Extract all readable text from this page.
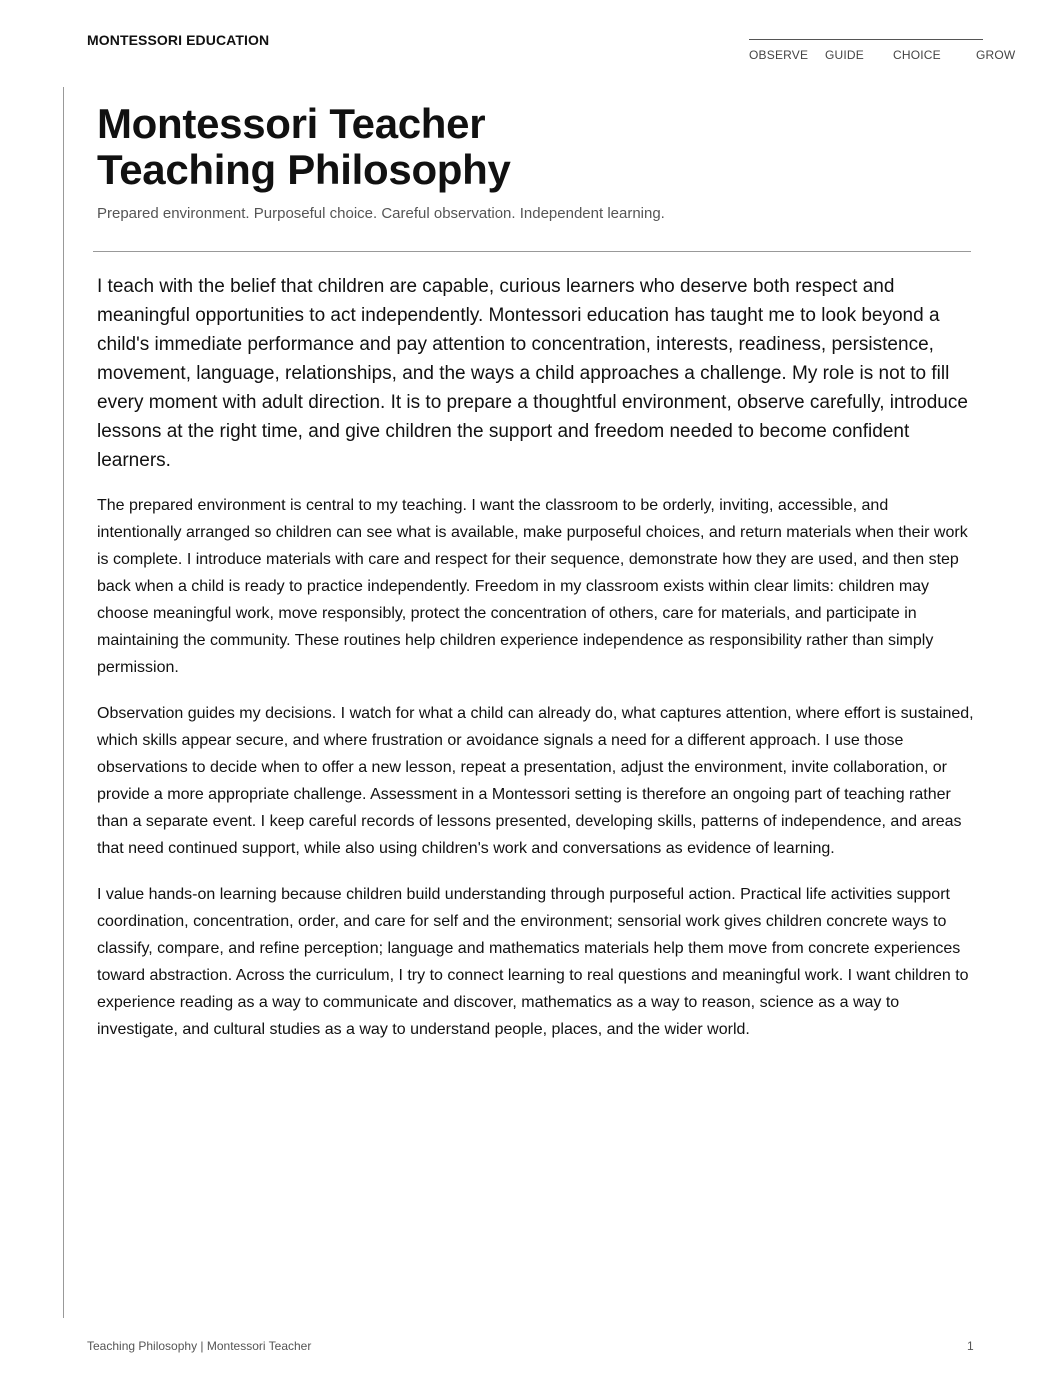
MONTESSORI EDUCATION
OBSERVE GUIDE CHOICE	GROW
Montessori Teacher
Teaching Philosophy
Prepared environment. Purposeful choice. Careful observation. Independent learning.

I teach with the belief that children are capable, curious learners who deserve both respect and meaningful opportunities to act independently. Montessori education has taught me to look beyond a child's immediate performance and pay attention to concentration, interests, readiness, persistence, movement, language, relationships, and the ways a child approaches a challenge. My role is not to fill every moment with adult direction. It is to prepare a thoughtful environment, observe carefully, introduce lessons at the right time, and give children the support and freedom needed to become confident learners.

The prepared environment is central to my teaching. I want the classroom to be orderly, inviting, accessible, and intentionally arranged so children can see what is available, make purposeful choices, and return materials when their work is complete. I introduce materials with care and respect for their sequence, demonstrate how they are used, and then step back when a child is ready to practice independently. Freedom in my classroom exists within clear limits: children may choose meaningful work, move responsibly, protect the concentration of others, care for materials, and participate in maintaining the community. These routines help children experience independence as responsibility rather than simply permission.

Observation guides my decisions. I watch for what a child can already do, what captures attention, where effort is sustained, which skills appear secure, and where frustration or avoidance signals a need for a different approach. I use those observations to decide when to offer a new lesson, repeat a presentation, adjust the environment, invite collaboration, or provide a more appropriate challenge. Assessment in a Montessori setting is therefore an ongoing part of teaching rather than a separate event. I keep careful records of lessons presented, developing skills, patterns of independence, and areas that need continued support, while also using children's work and conversations as evidence of learning.

I value hands-on learning because children build understanding through purposeful action. Practical life activities support coordination, concentration, order, and care for self and the environment; sensorial work gives children concrete ways to classify, compare, and refine perception; language and mathematics materials help them move from concrete experiences toward abstraction. Across the curriculum, I try to connect learning to real questions and meaningful work. I want children to experience reading as a way to communicate and discover, mathematics as a way to reason, science as a way to investigate, and cultural studies as a way to understand people, places, and the wider world.

Teaching Philosophy | Montessori Teacher	1
